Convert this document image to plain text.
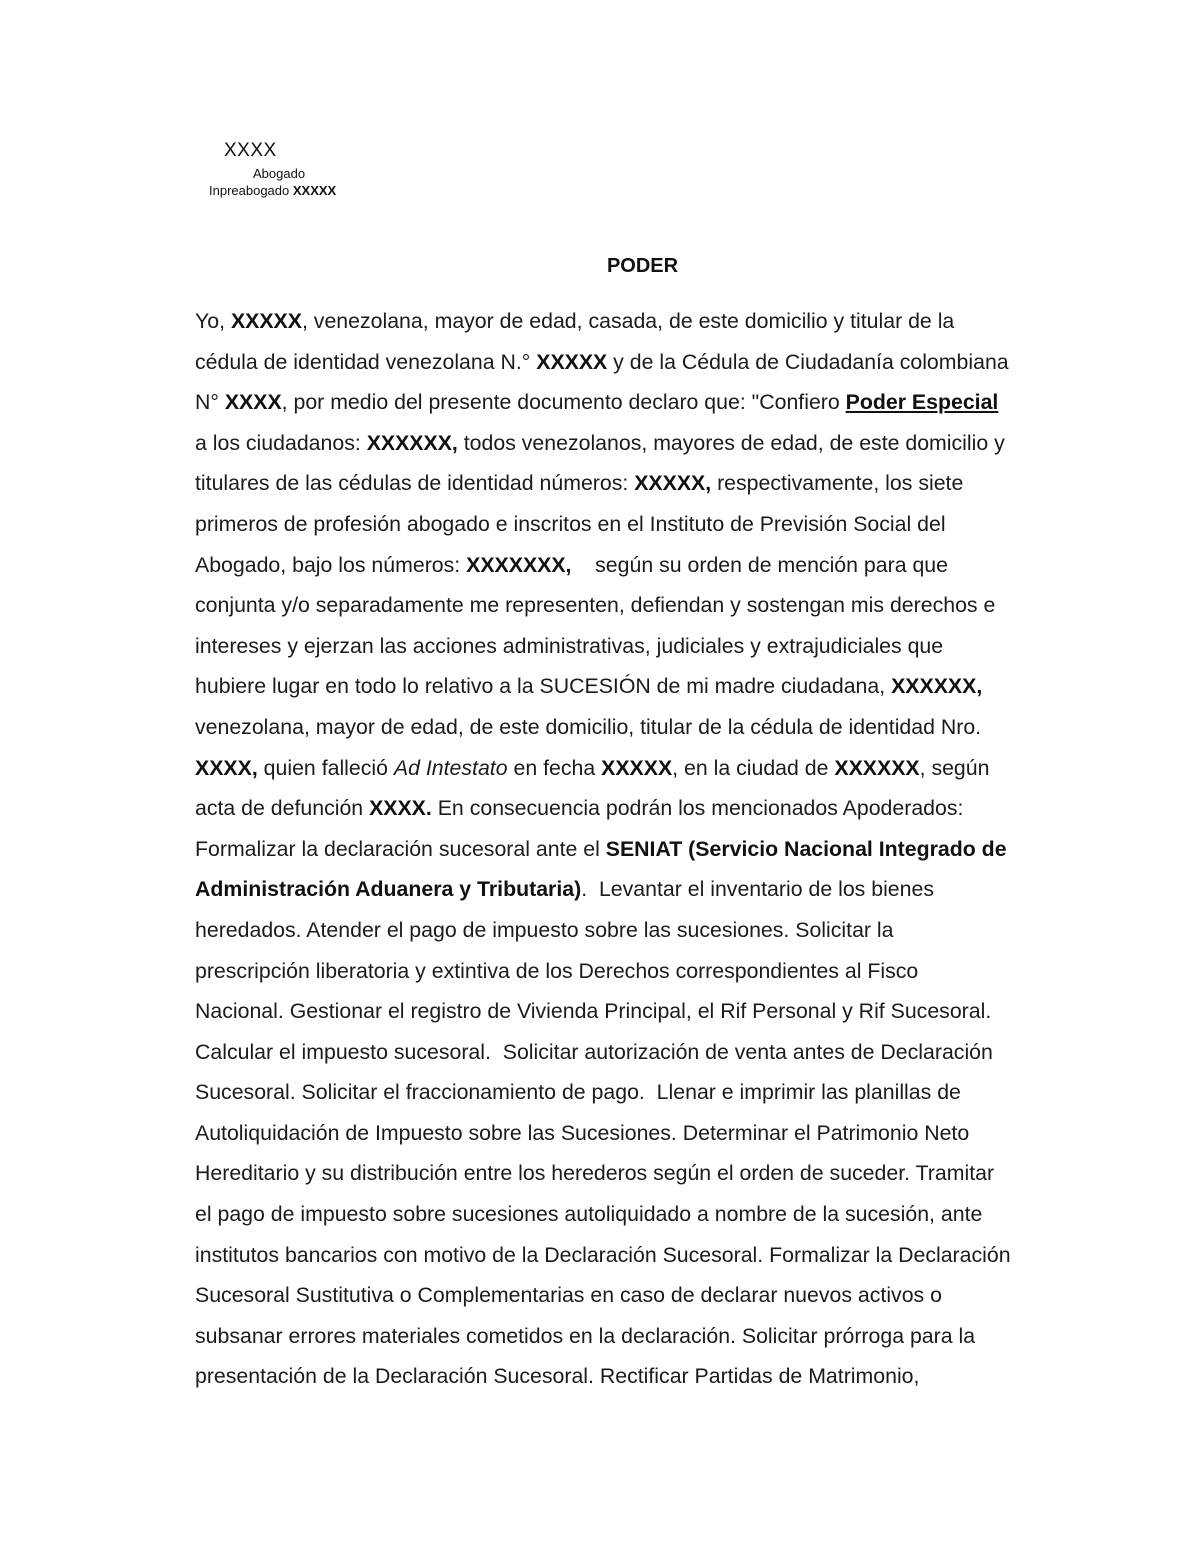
XXXX
Abogado
Inpreabogado XXXXX
PODER
Yo, XXXXX, venezolana, mayor de edad, casada, de este domicilio y titular de la
cédula de identidad venezolana N.° XXXXX y de la Cédula de Ciudadanía colombiana
N° XXXX, por medio del presente documento declaro que: "Confiero Poder Especial
a los ciudadanos: XXXXXX, todos venezolanos, mayores de edad, de este domicilio y
titulares de las cédulas de identidad números: XXXXX, respectivamente, los siete
primeros de profesión abogado e inscritos en el Instituto de Previsión Social del
Abogado, bajo los números: XXXXXXX,    según su orden de mención para que
conjunta y/o separadamente me representen, defiendan y sostengan mis derechos e
intereses y ejerzan las acciones administrativas, judiciales y extrajudiciales que
hubiere lugar en todo lo relativo a la SUCESIÓN de mi madre ciudadana, XXXXXX,
venezolana, mayor de edad, de este domicilio, titular de la cédula de identidad Nro.
XXXX, quien falleció Ad Intestato en fecha XXXXX, en la ciudad de XXXXXX, según
acta de defunción XXXX. En consecuencia podrán los mencionados Apoderados:
Formalizar la declaración sucesoral ante el SENIAT (Servicio Nacional Integrado de
Administración Aduanera y Tributaria).  Levantar el inventario de los bienes
heredados. Atender el pago de impuesto sobre las sucesiones. Solicitar la
prescripción liberatoria y extintiva de los Derechos correspondientes al Fisco
Nacional. Gestionar el registro de Vivienda Principal, el Rif Personal y Rif Sucesoral.
Calcular el impuesto sucesoral.  Solicitar autorización de venta antes de Declaración
Sucesoral. Solicitar el fraccionamiento de pago.  Llenar e imprimir las planillas de
Autoliquidación de Impuesto sobre las Sucesiones. Determinar el Patrimonio Neto
Hereditario y su distribución entre los herederos según el orden de suceder. Tramitar
el pago de impuesto sobre sucesiones autoliquidado a nombre de la sucesión, ante
institutos bancarios con motivo de la Declaración Sucesoral. Formalizar la Declaración
Sucesoral Sustitutiva o Complementarias en caso de declarar nuevos activos o
subsanar errores materiales cometidos en la declaración. Solicitar prórroga para la
presentación de la Declaración Sucesoral. Rectificar Partidas de Matrimonio,
